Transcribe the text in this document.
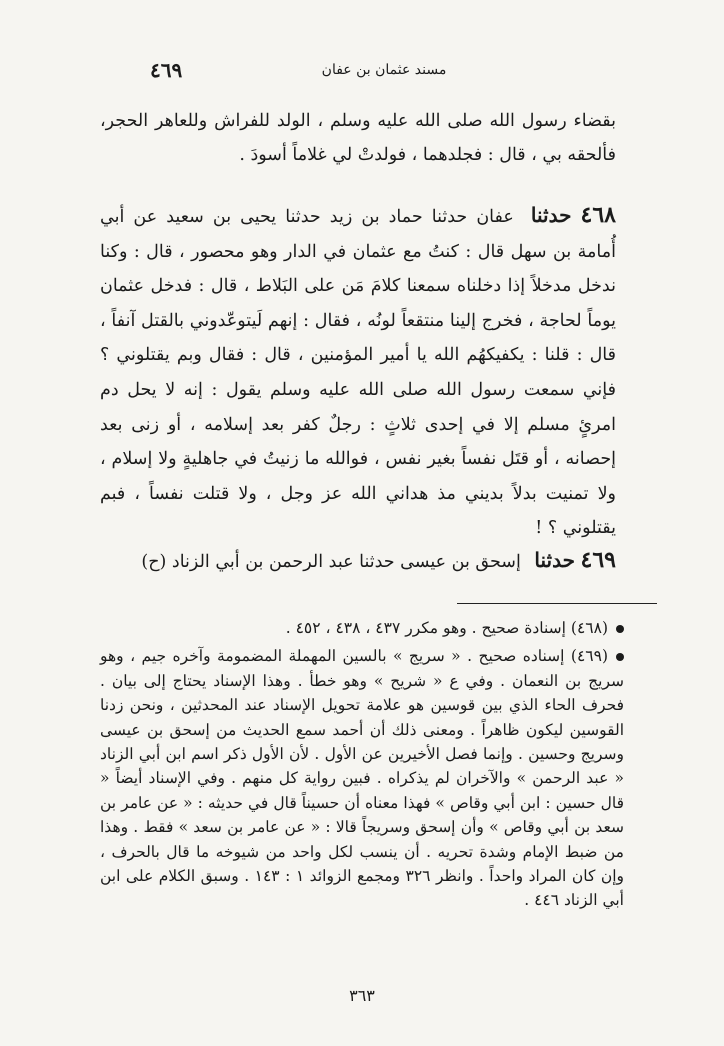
٤٦٩	مسند عثمان بن عفان
بقضاء رسول الله صلى الله عليه وسلم ، الولد للفراش وللعاهر الحجر، فألحقه بي ، قال : فجلدهما ، فولدتْ لي غلاماً أسودَ .
٤٦٨ حدثنا عفان حدثنا حماد بن زيد حدثنا يحيى بن سعيد عن أبي أُمامة بن سهل قال : كنتُ مع عثمان في الدار وهو محصور ، قال : وكنا ندخل مدخلاً إذا دخلناه سمعنا كلامَ مَن على البَلاط ، قال : فدخل عثمان يوماً لحاجة ، فخرج إلينا منتقعاً لونُه ، فقال : إنهم لَيتوعّدوني بالقتل آنفاً ، قال : قلنا : يكفيكهُم الله يا أمير المؤمنين ، قال : فقال وبم يقتلوني ؟ فإني سمعت رسول الله صلى الله عليه وسلم يقول : إنه لا يحل دم امرئٍ مسلم إلا في إحدى ثلاثٍ : رجلٌ كفر بعد إسلامه ، أو زنى بعد إحصانه ، أو قتَل نفساً بغير نفس ، فوالله ما زنيتُ في جاهليةٍ ولا إسلام ، ولا تمنيت بدلاً بديني مذ هداني الله عز وجل ، ولا قتلت نفساً ، فبم يقتلوني ؟ !
٤٦٩ حدثنا إسحق بن عيسى حدثنا عبد الرحمن بن أبي الزناد (ح)

(٤٦٨) إسنادة صحيح . وهو مكرر ٤٣٧ ، ٤٣٨ ، ٤٥٢ .

(٤٦٩) إسناده صحيح . « سريج » بالسين المهملة المضمومة وآخره جيم ، وهو سريج بن النعمان . وفي ع « شريح » وهو خطأ . وهذا الإسناد يحتاج إلى بيان . فحرف الحاء الذي بين قوسين هو علامة تحويل الإسناد عند المحدثين ، ونحن زدنا القوسين ليكون ظاهراً . ومعنى ذلك أن أحمد سمع الحديث من إسحق بن عيسى وسريج وحسين . وإنما فصل الأخيرين عن الأول . لأن الأول ذكر اسم ابن أبي الزناد « عبد الرحمن » والآخران لم يذكراه . فبين رواية كل منهم . وفي الإسناد أيضاً « قال حسين : ابن أبي وقاص » فهذا معناه أن حسيناً قال في حديثه : « عن عامر بن سعد بن أبي وقاص » وأن إسحق وسريجاً قالا : « عن عامر بن سعد » فقط . وهذا من ضبط الإمام وشدة تحريه . أن ينسب لكل واحد من شيوخه ما قال بالحرف ، وإن كان المراد واحداً . وانظر ٣٢٦ ومجمع الزوائد ١ : ١٤٣ . وسبق الكلام على ابن أبي الزناد ٤٤٦ .

٣٦٣
